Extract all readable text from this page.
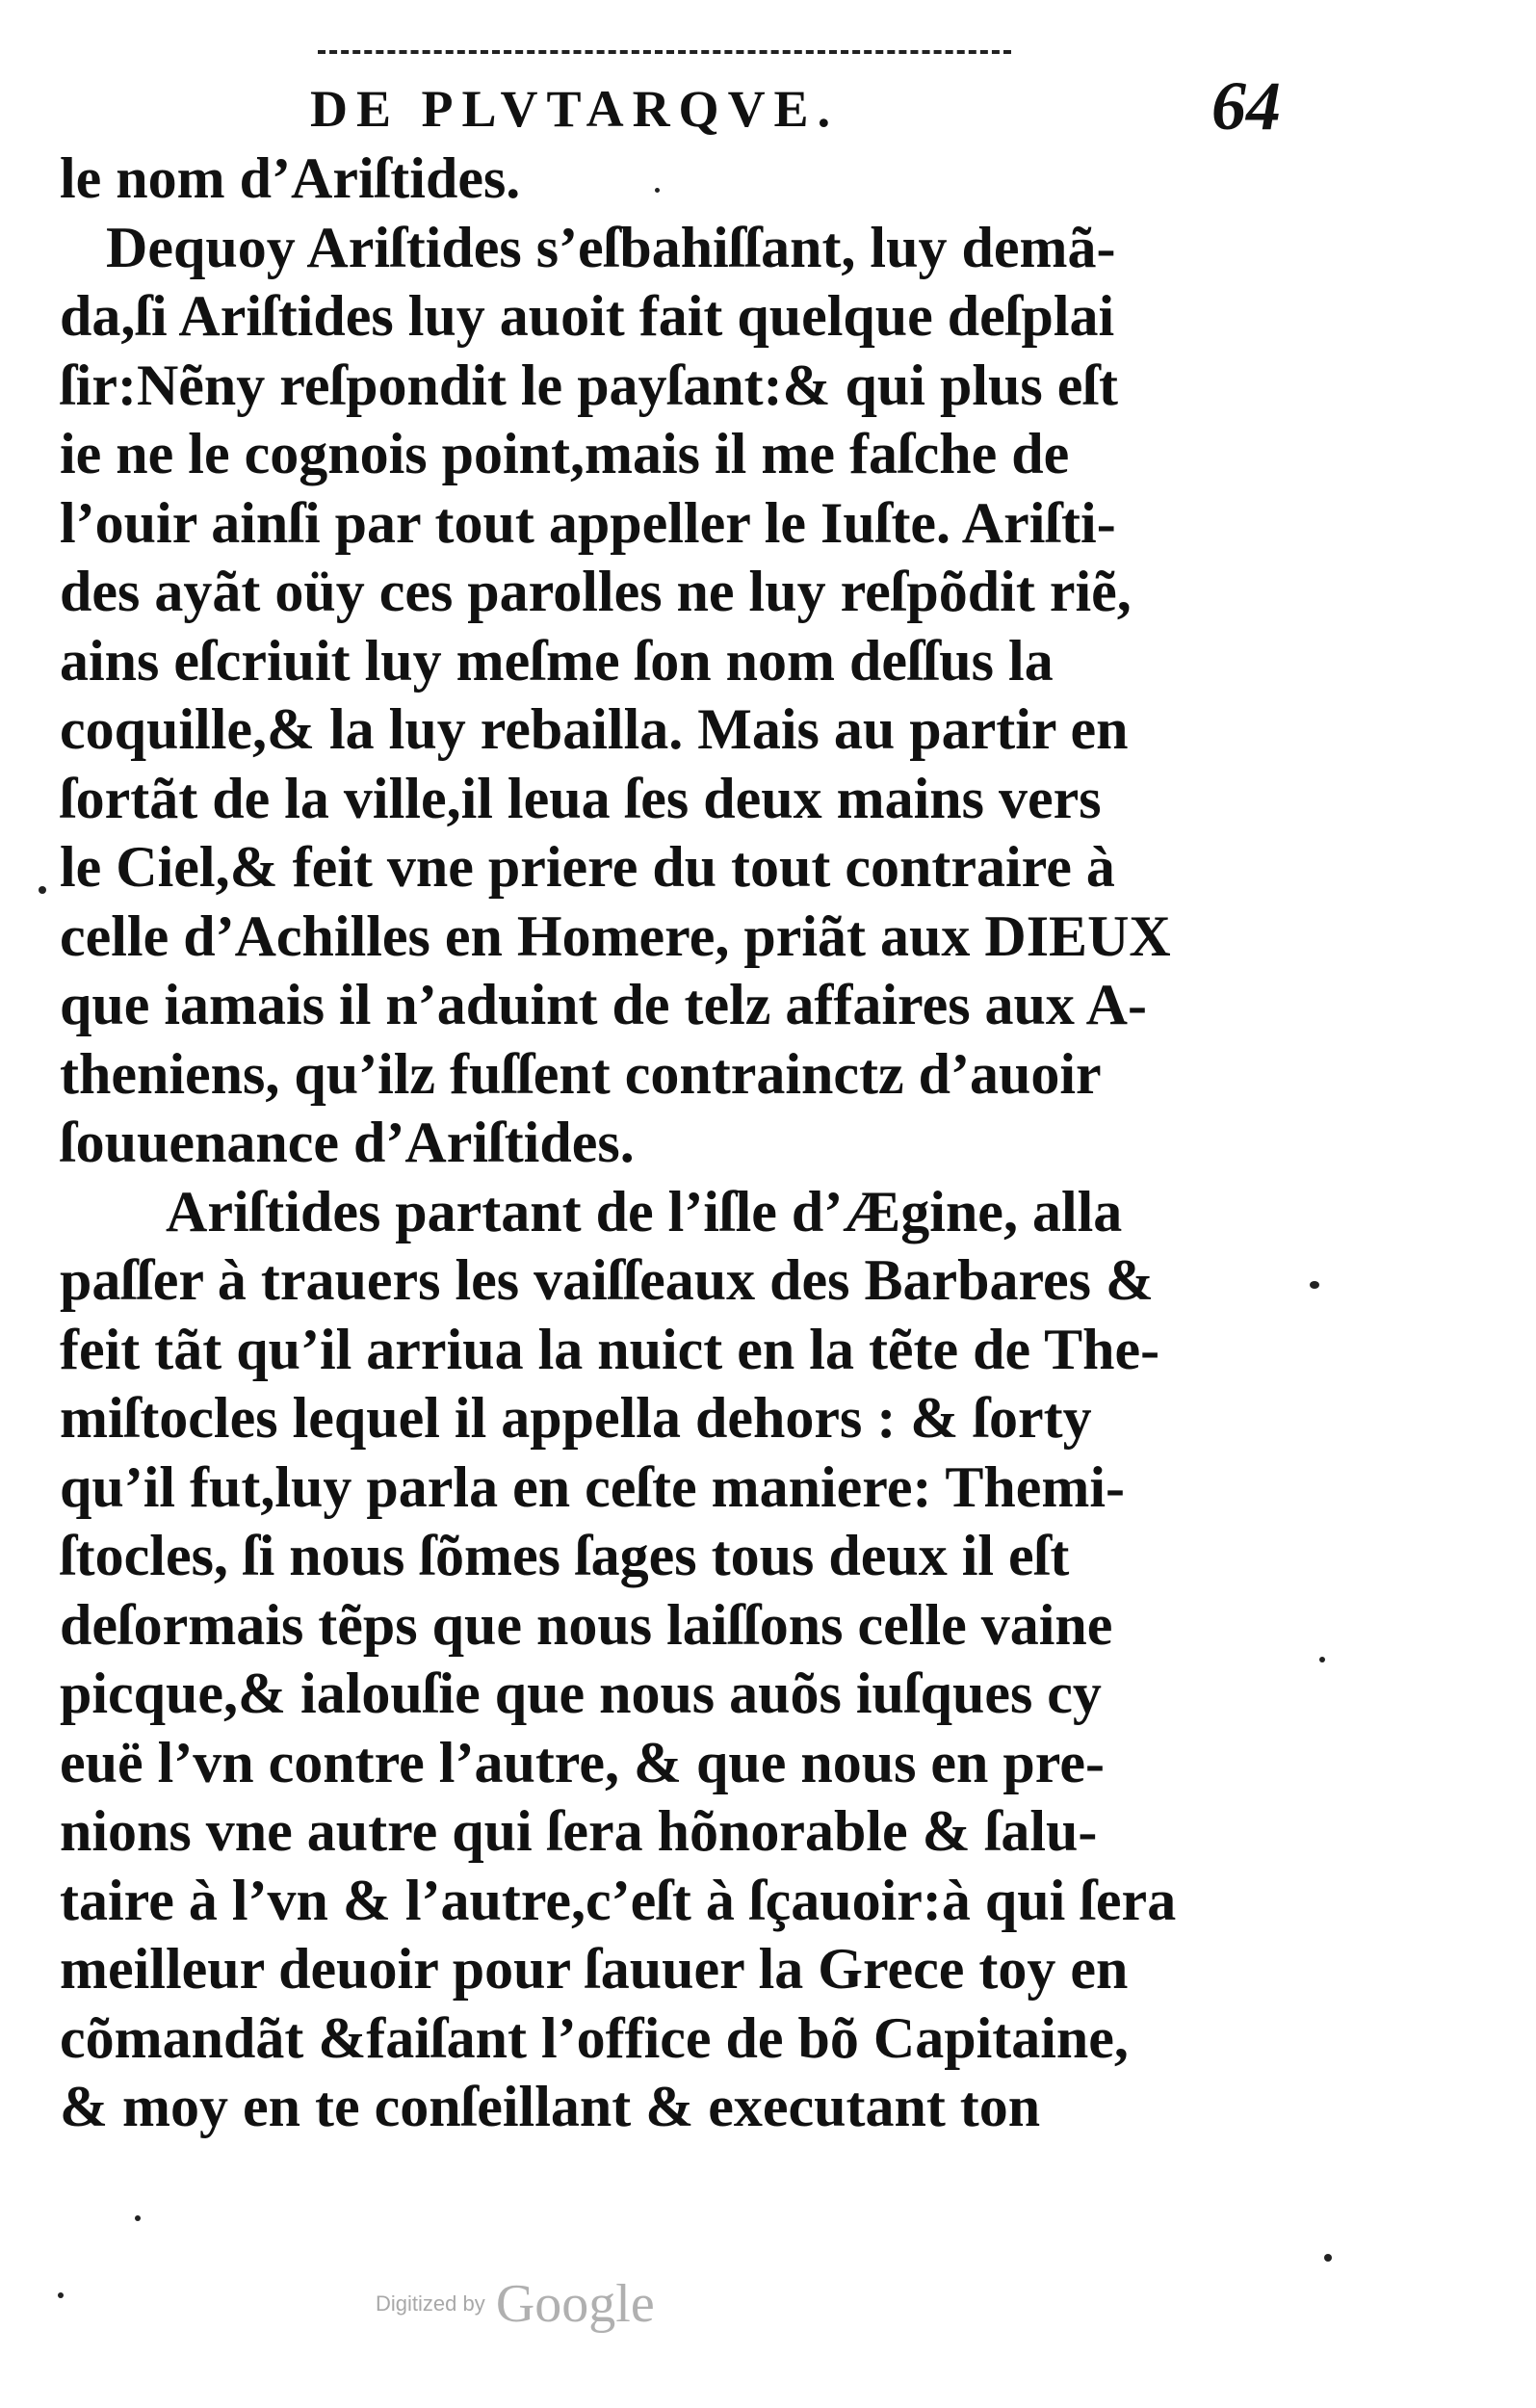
DE PLVTARQVE.	64
le nom d’Ariſtides.
Dequoy Ariſtides s’eſbahiſſant, luy demã-
da,ſi Ariſtides luy auoit fait quelque deſplai
ſir:Nẽny reſpondit le payſant:& qui plus eſt
ie ne le cognois point,mais il me faſche de
l’ouir ainſi par tout appeller le Iuſte. Ariſti-
des ayãt oüy ces parolles ne luy reſpõdit riẽ,
ains eſcriuit luy meſme ſon nom deſſus la
coquille,& la luy rebailla. Mais au partir en
ſortãt de la ville,il leua ſes deux mains vers
le Ciel,& feit vne priere du tout contraire à
celle d’Achilles en Homere, priãt aux DIEUX
que iamais il n’aduint de telz affaires aux A-
theniens, qu’ilz fuſſent contrainctz d’auoir
ſouuenance d’Ariſtides.
Ariſtides partant de l’iſle d’Ægine, alla
paſſer à trauers les vaiſſeaux des Barbares &
feit tãt qu’il arriua la nuict en la tẽte de The-
miſtocles lequel il appella dehors : & ſorty
qu’il fut,luy parla en ceſte maniere: Themi-
ſtocles, ſi nous ſõmes ſages tous deux il eſt
deſormais tẽps que nous laiſſons celle vaine
picque,& ialouſie que nous auõs iuſques cy
euë l’vn contre l’autre, & que nous en pre-
nions vne autre qui ſera hõnorable & ſalu-
taire à l’vn & l’autre,c’eſt à ſçauoir:à qui ſera
meilleur deuoir pour ſauuer la Grece toy en
cõmandãt &faiſant l’office de bõ Capitaine,
& moy en te conſeillant & executant ton
Digitized by Google
